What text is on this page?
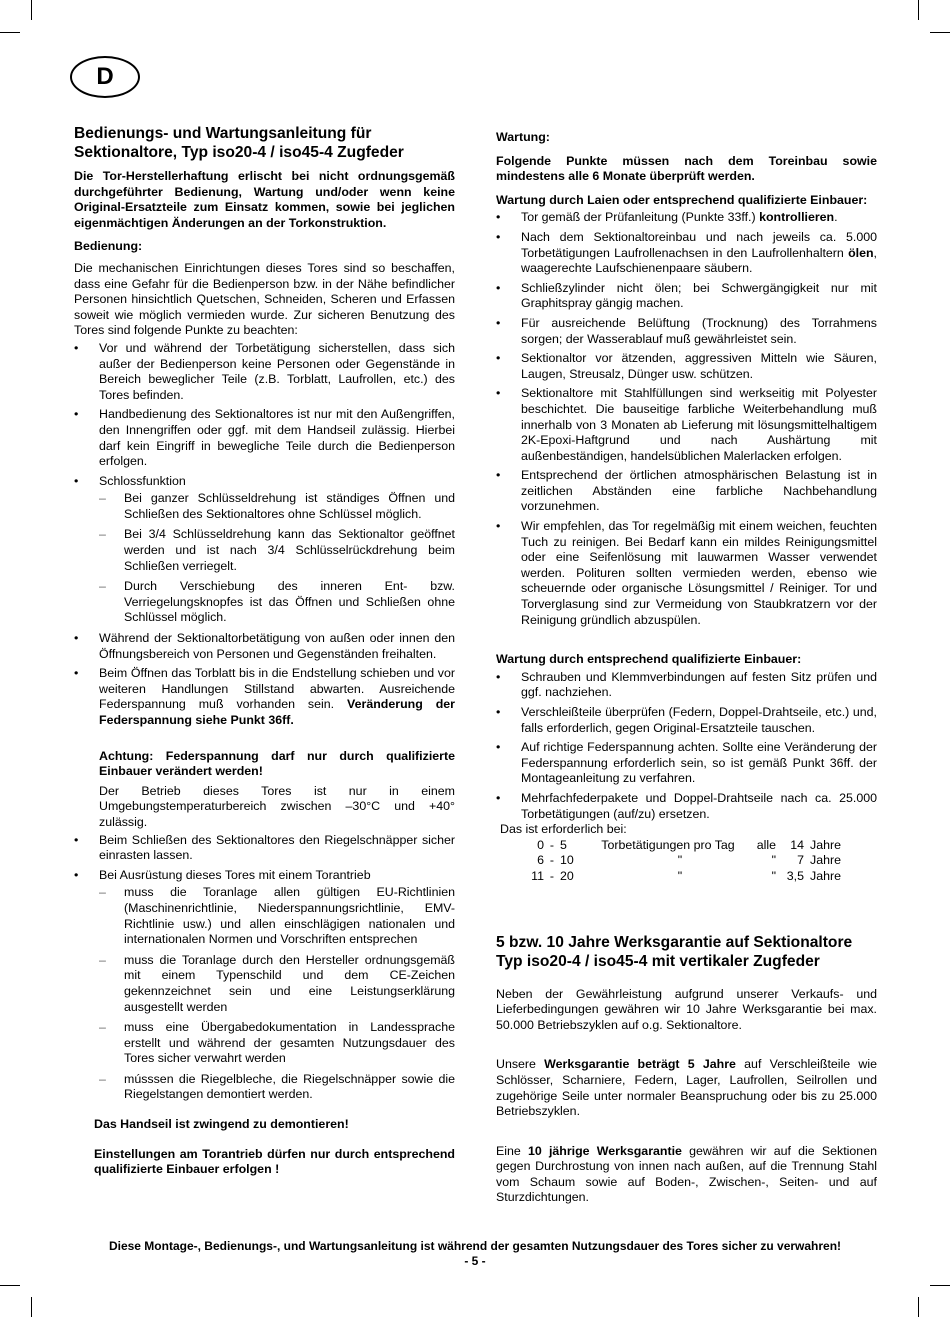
D
Bedienungs- und Wartungsanleitung für Sektionaltore, Typ iso20-4 / iso45-4 Zugfeder

Die Tor-Herstellerhaftung erlischt bei nicht ordnungsgemäß durchgeführter Bedienung, Wartung und/oder wenn keine Original-Ersatzteile zum Einsatz kommen, sowie bei jeglichen eigenmächtigen Änderungen an der Torkonstruktion.

Bedienung:

Die mechanischen Einrichtungen dieses Tores sind so beschaffen, dass eine Gefahr für die Bedienperson bzw. in der Nähe befindlicher Personen hinsichtlich Quetschen, Schneiden, Scheren und Erfassen soweit wie möglich vermieden wurde. Zur sicheren Benutzung des Tores sind folgende Punkte zu beachten:

• Vor und während der Torbetätigung sicherstellen, dass sich außer der Bedienperson keine Personen oder Gegenstände in Bereich beweglicher Teile (z.B. Torblatt, Laufrollen, etc.) des Tores befinden.
• Handbedienung des Sektionaltores ist nur mit den Außengriffen, den Innengriffen oder ggf. mit dem Handseil zulässig. Hierbei darf kein Eingriff in bewegliche Teile durch die Bedienperson erfolgen.
• Schlossfunktion
– Bei ganzer Schlüsseldrehung ist ständiges Öffnen und Schließen des Sektionaltores ohne Schlüssel möglich.
– Bei 3/4 Schlüsseldrehung kann das Sektionaltor geöffnet werden und ist nach 3/4 Schlüsselrückdrehung beim Schließen verriegelt.
– Durch Verschiebung des inneren Ent- bzw. Verriegelungsknopfes ist das Öffnen und Schließen ohne Schlüssel möglich.
• Während der Sektionaltorbetätigung von außen oder innen den Öffnungsbereich von Personen und Gegenständen freihalten.
• Beim Öffnen das Torblatt bis in die Endstellung schieben und vor weiteren Handlungen Stillstand abwarten. Ausreichende Federspannung muß vorhanden sein. Veränderung der Federspannung siehe Punkt 36ff.

Achtung: Federspannung darf nur durch qualifizierte Einbauer verändert werden!

Der Betrieb dieses Tores ist nur in einem Umgebungstemperaturbereich zwischen –30°C und +40° zulässig.

• Beim Schließen des Sektionaltores den Riegelschnäpper sicher einrasten lassen.
• Bei Ausrüstung dieses Tores mit einem Torantrieb
– muss die Toranlage allen gültigen EU-Richtlinien (Maschinenrichtlinie, Niederspannungsrichtlinie, EMV-Richtlinie usw.) und allen einschlägigen nationalen und internationalen Normen und Vorschriften entsprechen
– muss die Toranlage durch den Hersteller ordnungsgemäß mit einem Typenschild und dem CE-Zeichen gekennzeichnet sein und eine Leistungserklärung ausgestellt werden
– muss eine Übergabedokumentation in Landessprache erstellt und während der gesamten Nutzungsdauer des Tores sicher verwahrt werden
– músssen die Riegelbleche, die Riegelschnäpper sowie die Riegelstangen demontiert werden.

Das Handseil ist zwingend zu demontieren!

Einstellungen am Torantrieb dürfen nur durch entsprechend qualifizierte Einbauer erfolgen !

Wartung:

Folgende Punkte müssen nach dem Toreinbau sowie mindestens alle 6 Monate überprüft werden.

Wartung durch Laien oder entsprechend qualifizierte Einbauer:

• Tor gemäß der Prüfanleitung (Punkte 33ff.) kontrollieren.
• Nach dem Sektionaltoreinbau und nach jeweils ca. 5.000 Torbetätigungen Laufrollenachsen in den Laufrollenhaltern ölen, waagerechte Laufschienenpaare säubern.
• Schließzylinder nicht ölen; bei Schwergängigkeit nur mit Graphitspray gängig machen.
• Für ausreichende Belüftung (Trocknung) des Torrahmens sorgen; der Wasserablauf muß gewährleistet sein.
• Sektionaltor vor ätzenden, aggressiven Mitteln wie Säuren, Laugen, Streusalz, Dünger usw. schützen.
• Sektionaltore mit Stahlfüllungen sind werkseitig mit Polyester beschichtet. Die bauseitige farbliche Weiterbehandlung muß innerhalb von 3 Monaten ab Lieferung mit lösungsmittelhaltigem 2K-Epoxi-Haftgrund und nach Aushärtung mit außenbeständigen, handelsüblichen Malerlacken erfolgen.
• Entsprechend der örtlichen atmosphärischen Belastung ist in zeitlichen Abständen eine farbliche Nachbehandlung vorzunehmen.
• Wir empfehlen, das Tor regelmäßig mit einem weichen, feuchten Tuch zu reinigen. Bei Bedarf kann ein mildes Reinigungsmittel oder eine Seifenlösung mit lauwarmen Wasser verwendet werden. Polituren sollten vermieden werden, ebenso wie scheuernde oder organische Lösungsmittel / Reiniger. Tor und Torverglasung sind zur Vermeidung von Staubkratzern vor der Reinigung gründlich abzuspülen.

Wartung durch entsprechend qualifizierte Einbauer:

• Schrauben und Klemmverbindungen auf festen Sitz prüfen und ggf. nachziehen.
• Verschleißteile überprüfen (Federn, Doppel-Drahtseile, etc.) und, falls erforderlich, gegen Original-Ersatzteile tauschen.
• Auf richtige Federspannung achten. Sollte eine Veränderung der Federspannung erforderlich sein, so ist gemäß Punkt 36ff. der Montageanleitung zu verfahren.
• Mehrfachfederpakete und Doppel-Drahtseile nach ca. 25.000 Torbetätigungen (auf/zu) ersetzen.

Das ist erforderlich bei:

0	-	5	Torbetätigungen pro Tag	alle	14	Jahre
6	-	10	"	"	7	Jahre
11	-	20	"	"	3,5	Jahre
5 bzw. 10 Jahre Werksgarantie auf Sektionaltore Typ iso20-4 / iso45-4 mit vertikaler Zugfeder

Neben der Gewährleistung aufgrund unserer Verkaufs- und Lieferbedingungen gewähren wir 10 Jahre Werksgarantie bei max. 50.000 Betriebszyklen auf o.g. Sektionaltore.

Unsere Werksgarantie beträgt 5 Jahre auf Verschleißteile wie Schlösser, Scharniere, Federn, Lager, Laufrollen, Seilrollen und zugehörige Seile unter normaler Beanspruchung oder bis zu 25.000 Betriebszyklen.

Eine 10 jährige Werksgarantie gewähren wir auf die Sektionen gegen Durchrostung von innen nach außen, auf die Trennung Stahl vom Schaum sowie auf Boden-, Zwischen-, Seiten- und auf Sturzdichtungen.

Diese Montage-, Bedienungs-, und Wartungsanleitung ist während der gesamten Nutzungsdauer des Tores sicher zu verwahren!
- 5 -
